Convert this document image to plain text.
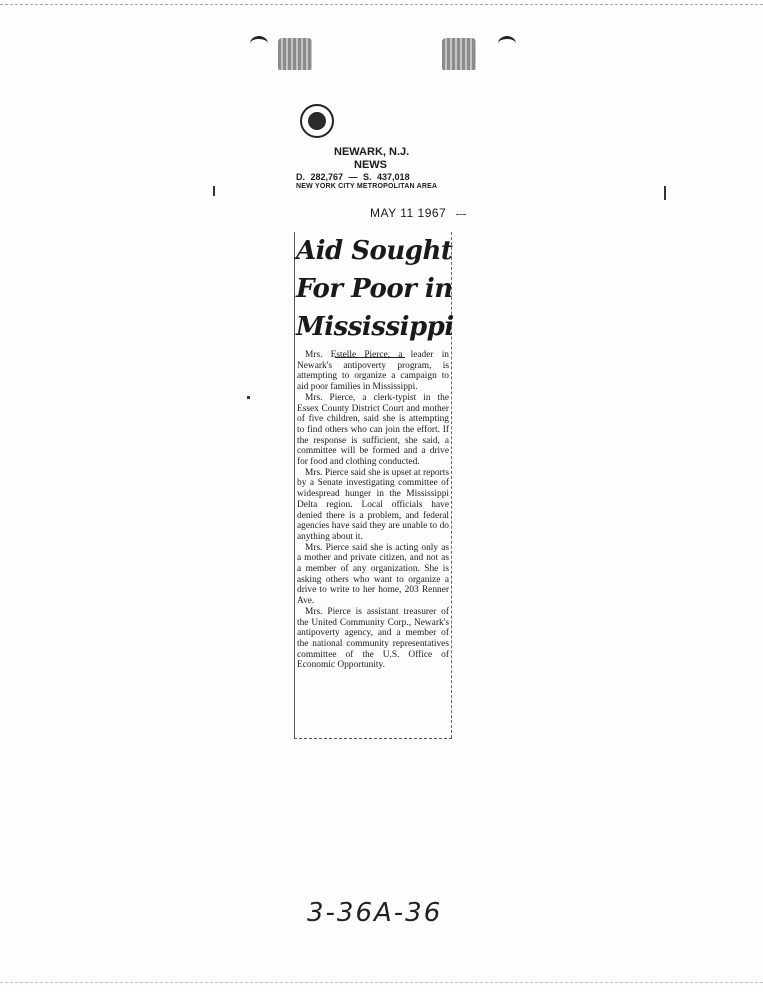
NEWARK, N.J.
NEWS
D. 282,767 — S. 437,018
NEW YORK CITY METROPOLITAN AREA
MAY 11 1967
Aid Sought
For Poor in
Mississippi

Mrs. Estelle Pierce, a leader in Newark's antipoverty program, is attempting to organize a campaign to aid poor families in Mississippi.

Mrs. Pierce, a clerk-typist in the Essex County District Court and mother of five children, said she is attempting to find others who can join the effort. If the response is sufficient, she said, a committee will be formed and a drive for food and clothing conducted.

Mrs. Pierce said she is upset at reports by a Senate investigating committee of widespread hunger in the Mississippi Delta region. Local officials have denied there is a problem, and federal agencies have said they are unable to do anything about it.

Mrs. Pierce said she is acting only as a mother and private citizen, and not as a member of any organization. She is asking others who want to organize a drive to write to her home, 203 Renner Ave.

Mrs. Pierce is assistant treasurer of the United Community Corp., Newark's antipoverty agency, and a member of the national community representatives committee of the U.S. Office of Economic Opportunity.

3-36A-36
